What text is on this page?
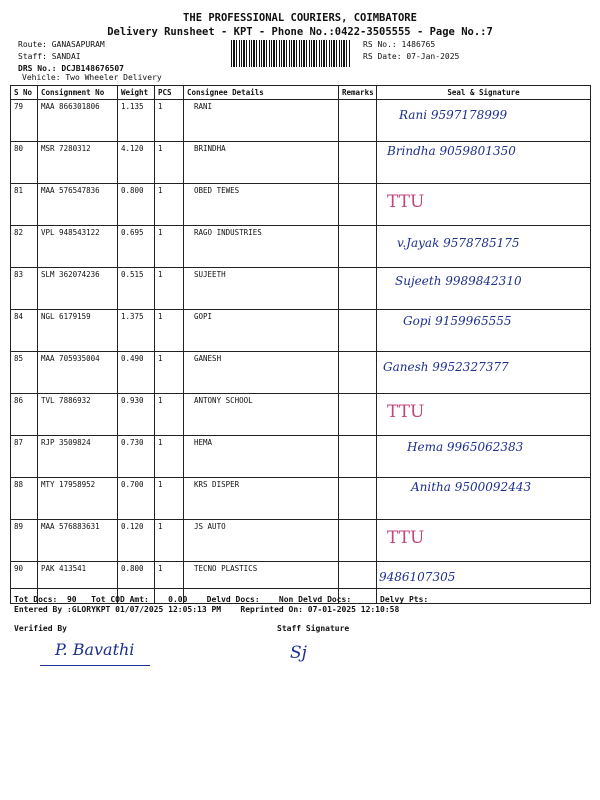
THE PROFESSIONAL COURIERS, COIMBATORE
Delivery Runsheet - KPT - Phone No.:0422-3505555 - Page No.:7
Route: GANASAPURAM
Staff: SANDAI
DRS No.: DCJB148676507
Vehicle: Two Wheeler Delivery
RS No.: 1486765
RS Date: 07-Jan-2025
S No	Consignment No	Weight	PCS	Consignee Details	Remarks	Seal & Signature
79	MAA 866301806	1.135	1	RANI		Rani 9597178999

80	MSR 7280312	4.120	1	BRINDHA		Brindha 9059801350

81	MAA 576547836	0.800	1	OBED TEWES		TTU

82	VPL 948543122	0.695	1	RAGO INDUSTRIES		v.Jayak 9578785175

83	SLM 362074236	0.515	1	SUJEETH		Sujeeth 9989842310

84	NGL 6179159	1.375	1	GOPI		Gopi 9159965555

85	MAA 705935004	0.490	1	GANESH		Ganesh 9952327377

86	TVL 7886932	0.930	1	ANTONY SCHOOL		TTU

87	RJP 3509824	0.730	1	HEMA		Hema 9965062383

88	MTY 17958952	0.700	1	KRS DISPER		Anitha 9500092443

89	MAA 576883631	0.120	1	JS AUTO		TTU

90	PAK 413541	0.800	1	TECNO PLASTICS		9486107305
Tot Docs:  90   Tot COD Amt:    0.00    Delvd Docs:    Non Delvd Docs:      Delvy Pts:
Entered By :GLORYKPT 01/07/2025 12:05:13 PM    Reprinted On: 07-01-2025 12:10:58
Verified By	Staff Signature
P. Bavathi	Sj
